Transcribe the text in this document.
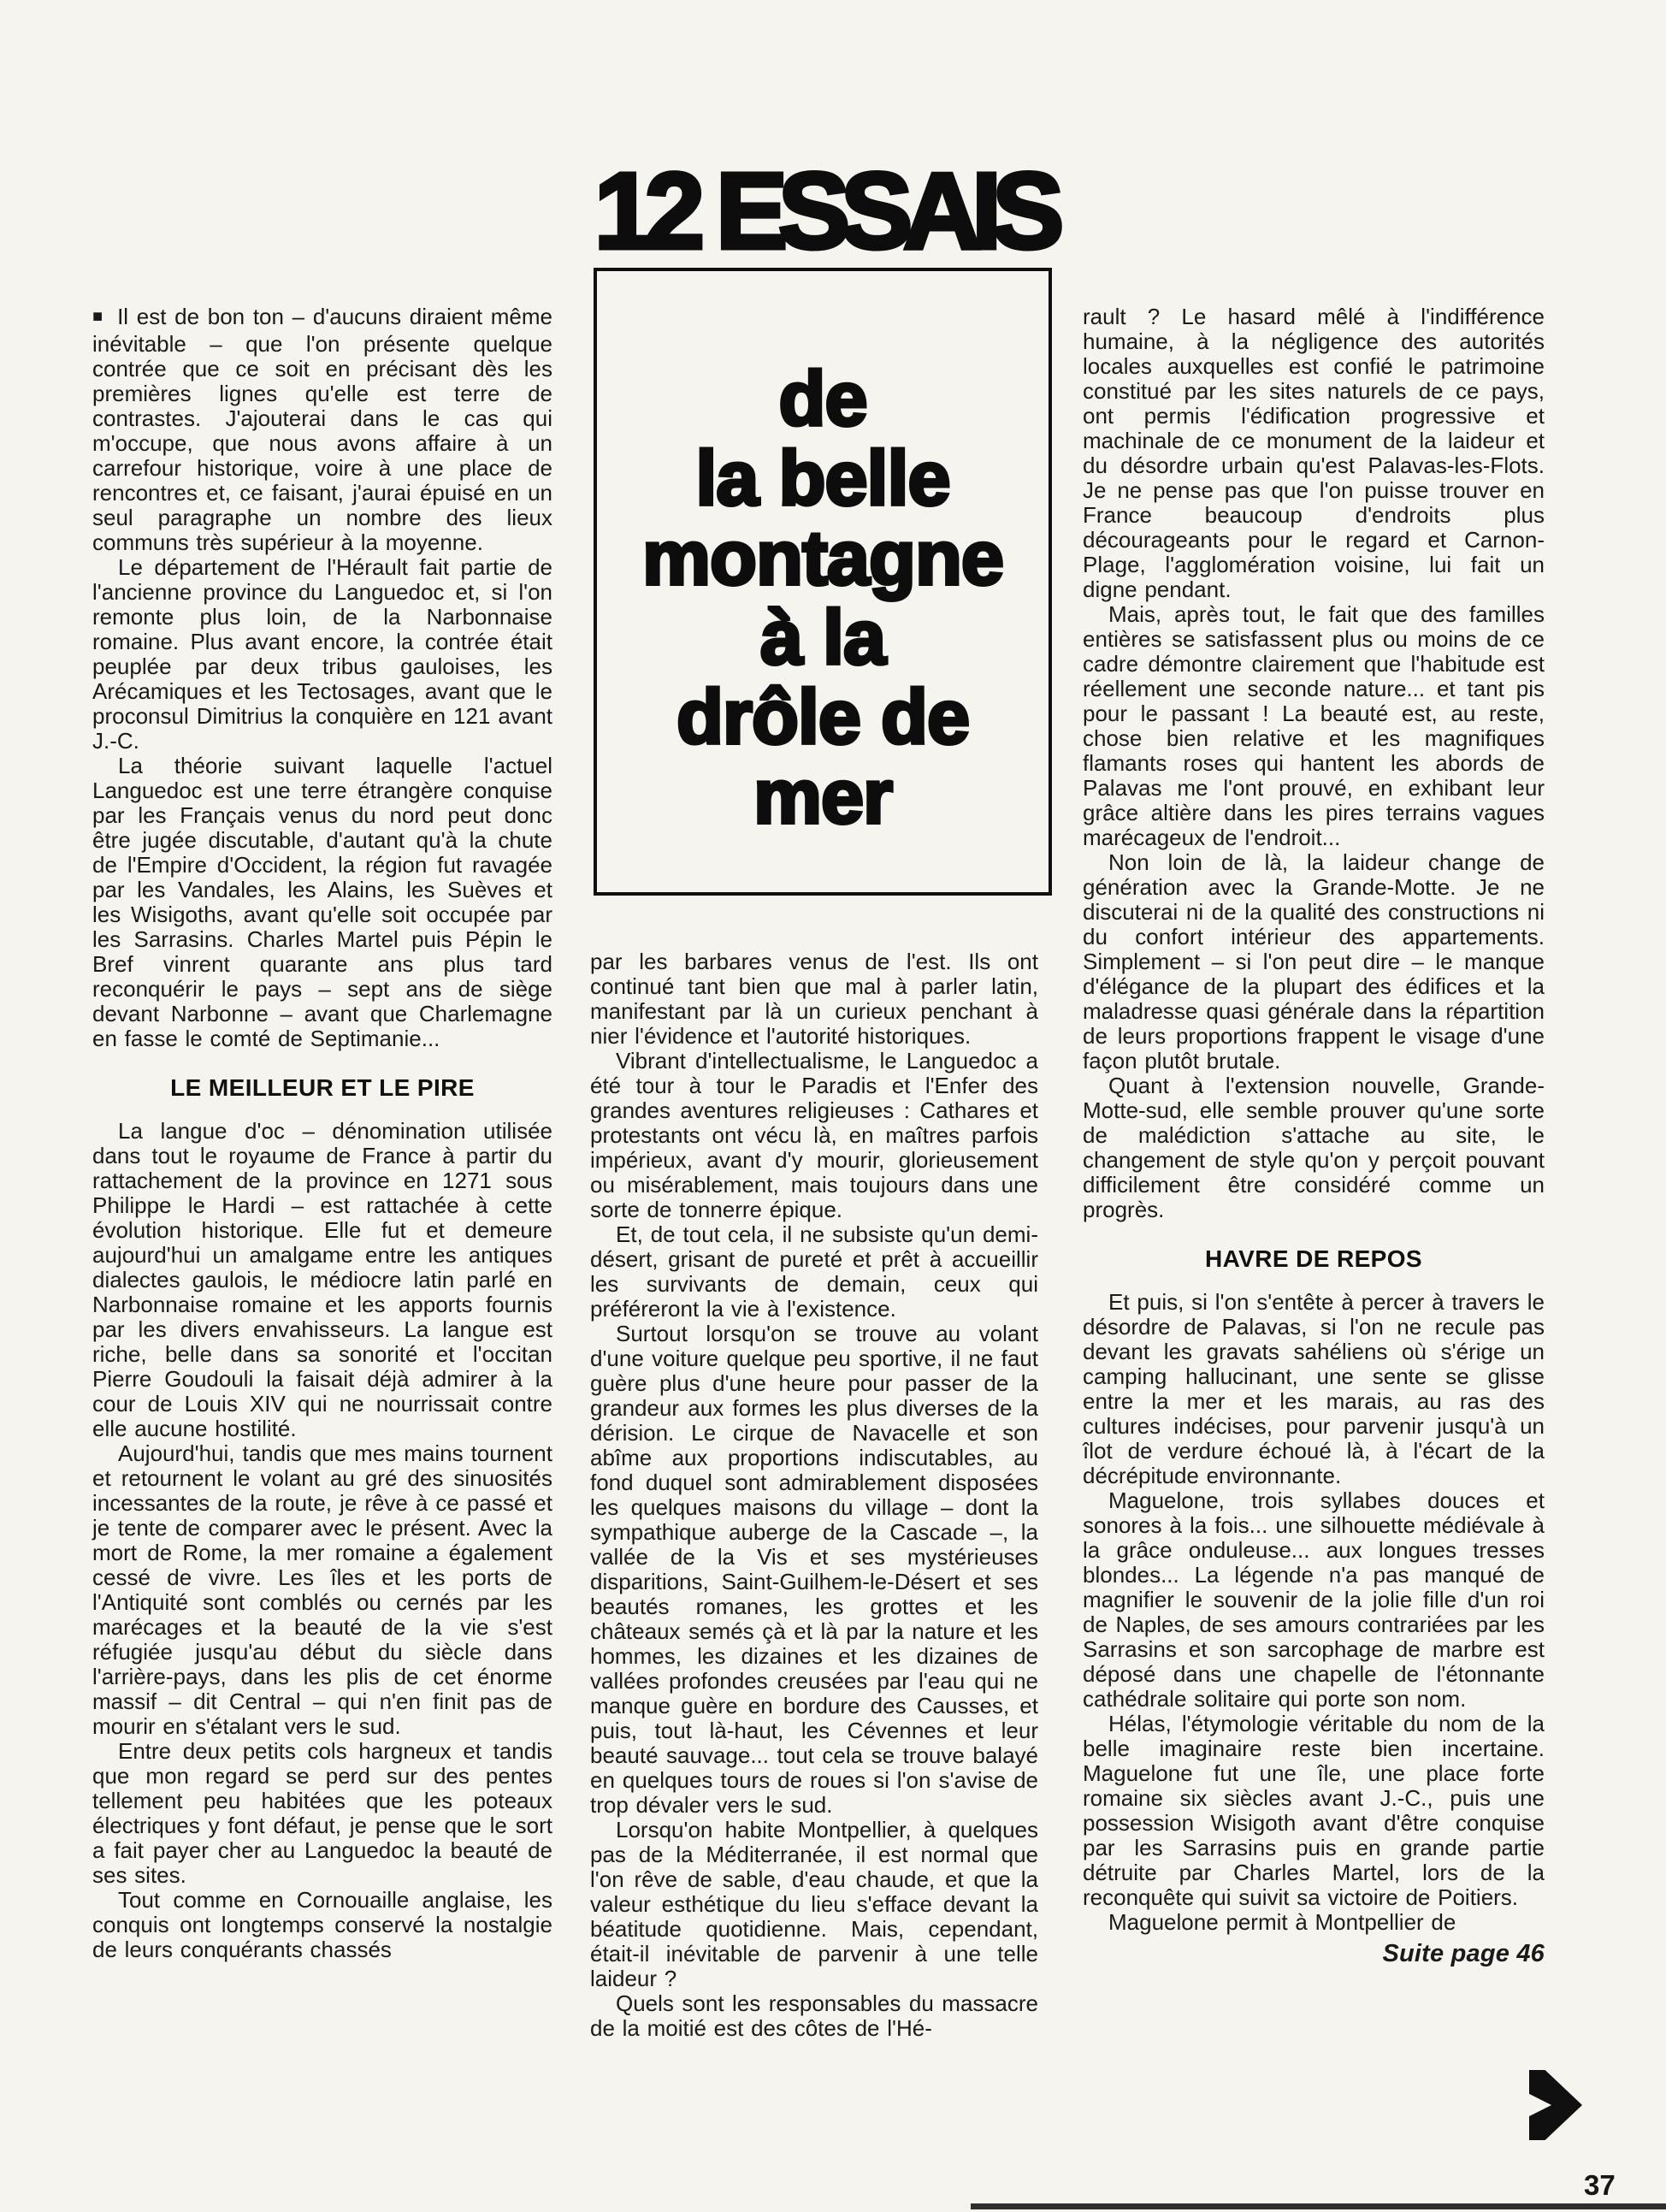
12 ESSAIS
de
la belle
montagne
à la
drôle de
mer

■ Il est de bon ton – d'aucuns diraient même inévitable – que l'on présente quelque contrée que ce soit en précisant dès les premières lignes qu'elle est terre de contrastes. J'ajouterai dans le cas qui m'occupe, que nous avons affaire à un carrefour historique, voire à une place de rencontres et, ce faisant, j'aurai épuisé en un seul paragraphe un nombre des lieux communs très supérieur à la moyenne.

Le département de l'Hérault fait partie de l'ancienne province du Languedoc et, si l'on remonte plus loin, de la Narbonnaise romaine. Plus avant encore, la contrée était peuplée par deux tribus gauloises, les Arécamiques et les Tectosages, avant que le proconsul Dimitrius la conquière en 121 avant J.-C.

La théorie suivant laquelle l'actuel Languedoc est une terre étrangère conquise par les Français venus du nord peut donc être jugée discutable, d'autant qu'à la chute de l'Empire d'Occident, la région fut ravagée par les Vandales, les Alains, les Suèves et les Wisigoths, avant qu'elle soit occupée par les Sarrasins. Charles Martel puis Pépin le Bref vinrent quarante ans plus tard reconquérir le pays – sept ans de siège devant Narbonne – avant que Charlemagne en fasse le comté de Septimanie...

LE MEILLEUR ET LE PIRE

La langue d'oc – dénomination utilisée dans tout le royaume de France à partir du rattachement de la province en 1271 sous Philippe le Hardi – est rattachée à cette évolution historique. Elle fut et demeure aujourd'hui un amalgame entre les antiques dialectes gaulois, le médiocre latin parlé en Narbonnaise romaine et les apports fournis par les divers envahisseurs. La langue est riche, belle dans sa sonorité et l'occitan Pierre Goudouli la faisait déjà admirer à la cour de Louis XIV qui ne nourrissait contre elle aucune hostilité.

Aujourd'hui, tandis que mes mains tournent et retournent le volant au gré des sinuosités incessantes de la route, je rêve à ce passé et je tente de comparer avec le présent. Avec la mort de Rome, la mer romaine a également cessé de vivre. Les îles et les ports de l'Antiquité sont comblés ou cernés par les marécages et la beauté de la vie s'est réfugiée jusqu'au début du siècle dans l'arrière-pays, dans les plis de cet énorme massif – dit Central – qui n'en finit pas de mourir en s'étalant vers le sud.

Entre deux petits cols hargneux et tandis que mon regard se perd sur des pentes tellement peu habitées que les poteaux électriques y font défaut, je pense que le sort a fait payer cher au Languedoc la beauté de ses sites.

Tout comme en Cornouaille anglaise, les conquis ont longtemps conservé la nostalgie de leurs conquérants chassés

par les barbares venus de l'est. Ils ont continué tant bien que mal à parler latin, manifestant par là un curieux penchant à nier l'évidence et l'autorité historiques.

Vibrant d'intellectualisme, le Languedoc a été tour à tour le Paradis et l'Enfer des grandes aventures religieuses : Cathares et protestants ont vécu là, en maîtres parfois impérieux, avant d'y mourir, glorieusement ou misérablement, mais toujours dans une sorte de tonnerre épique.

Et, de tout cela, il ne subsiste qu'un demi-désert, grisant de pureté et prêt à accueillir les survivants de demain, ceux qui préféreront la vie à l'existence.

Surtout lorsqu'on se trouve au volant d'une voiture quelque peu sportive, il ne faut guère plus d'une heure pour passer de la grandeur aux formes les plus diverses de la dérision. Le cirque de Navacelle et son abîme aux proportions indiscutables, au fond duquel sont admirablement disposées les quelques maisons du village – dont la sympathique auberge de la Cascade –, la vallée de la Vis et ses mystérieuses disparitions, Saint-Guilhem-le-Désert et ses beautés romanes, les grottes et les châteaux semés çà et là par la nature et les hommes, les dizaines et les dizaines de vallées profondes creusées par l'eau qui ne manque guère en bordure des Causses, et puis, tout là-haut, les Cévennes et leur beauté sauvage... tout cela se trouve balayé en quelques tours de roues si l'on s'avise de trop dévaler vers le sud.

Lorsqu'on habite Montpellier, à quelques pas de la Méditerranée, il est normal que l'on rêve de sable, d'eau chaude, et que la valeur esthétique du lieu s'efface devant la béatitude quotidienne. Mais, cependant, était-il inévitable de parvenir à une telle laideur ?

Quels sont les responsables du massacre de la moitié est des côtes de l'Hé-

rault ? Le hasard mêlé à l'indifférence humaine, à la négligence des autorités locales auxquelles est confié le patrimoine constitué par les sites naturels de ce pays, ont permis l'édification progressive et machinale de ce monument de la laideur et du désordre urbain qu'est Palavas-les-Flots. Je ne pense pas que l'on puisse trouver en France beaucoup d'endroits plus décourageants pour le regard et Carnon-Plage, l'agglomération voisine, lui fait un digne pendant.

Mais, après tout, le fait que des familles entières se satisfassent plus ou moins de ce cadre démontre clairement que l'habitude est réellement une seconde nature... et tant pis pour le passant ! La beauté est, au reste, chose bien relative et les magnifiques flamants roses qui hantent les abords de Palavas me l'ont prouvé, en exhibant leur grâce altière dans les pires terrains vagues marécageux de l'endroit...

Non loin de là, la laideur change de génération avec la Grande-Motte. Je ne discuterai ni de la qualité des constructions ni du confort intérieur des appartements. Simplement – si l'on peut dire – le manque d'élégance de la plupart des édifices et la maladresse quasi générale dans la répartition de leurs proportions frappent le visage d'une façon plutôt brutale.

Quant à l'extension nouvelle, Grande-Motte-sud, elle semble prouver qu'une sorte de malédiction s'attache au site, le changement de style qu'on y perçoit pouvant difficilement être considéré comme un progrès.

HAVRE DE REPOS

Et puis, si l'on s'entête à percer à travers le désordre de Palavas, si l'on ne recule pas devant les gravats sahéliens où s'érige un camping hallucinant, une sente se glisse entre la mer et les marais, au ras des cultures indécises, pour parvenir jusqu'à un îlot de verdure échoué là, à l'écart de la décrépitude environnante.

Maguelone, trois syllabes douces et sonores à la fois... une silhouette médiévale à la grâce onduleuse... aux longues tresses blondes... La légende n'a pas manqué de magnifier le souvenir de la jolie fille d'un roi de Naples, de ses amours contrariées par les Sarrasins et son sarcophage de marbre est déposé dans une chapelle de l'étonnante cathédrale solitaire qui porte son nom.

Hélas, l'étymologie véritable du nom de la belle imaginaire reste bien incertaine. Maguelone fut une île, une place forte romaine six siècles avant J.-C., puis une possession Wisigoth avant d'être conquise par les Sarrasins puis en grande partie détruite par Charles Martel, lors de la reconquête qui suivit sa victoire de Poitiers.

Maguelone permit à Montpellier de

Suite page 46

37
